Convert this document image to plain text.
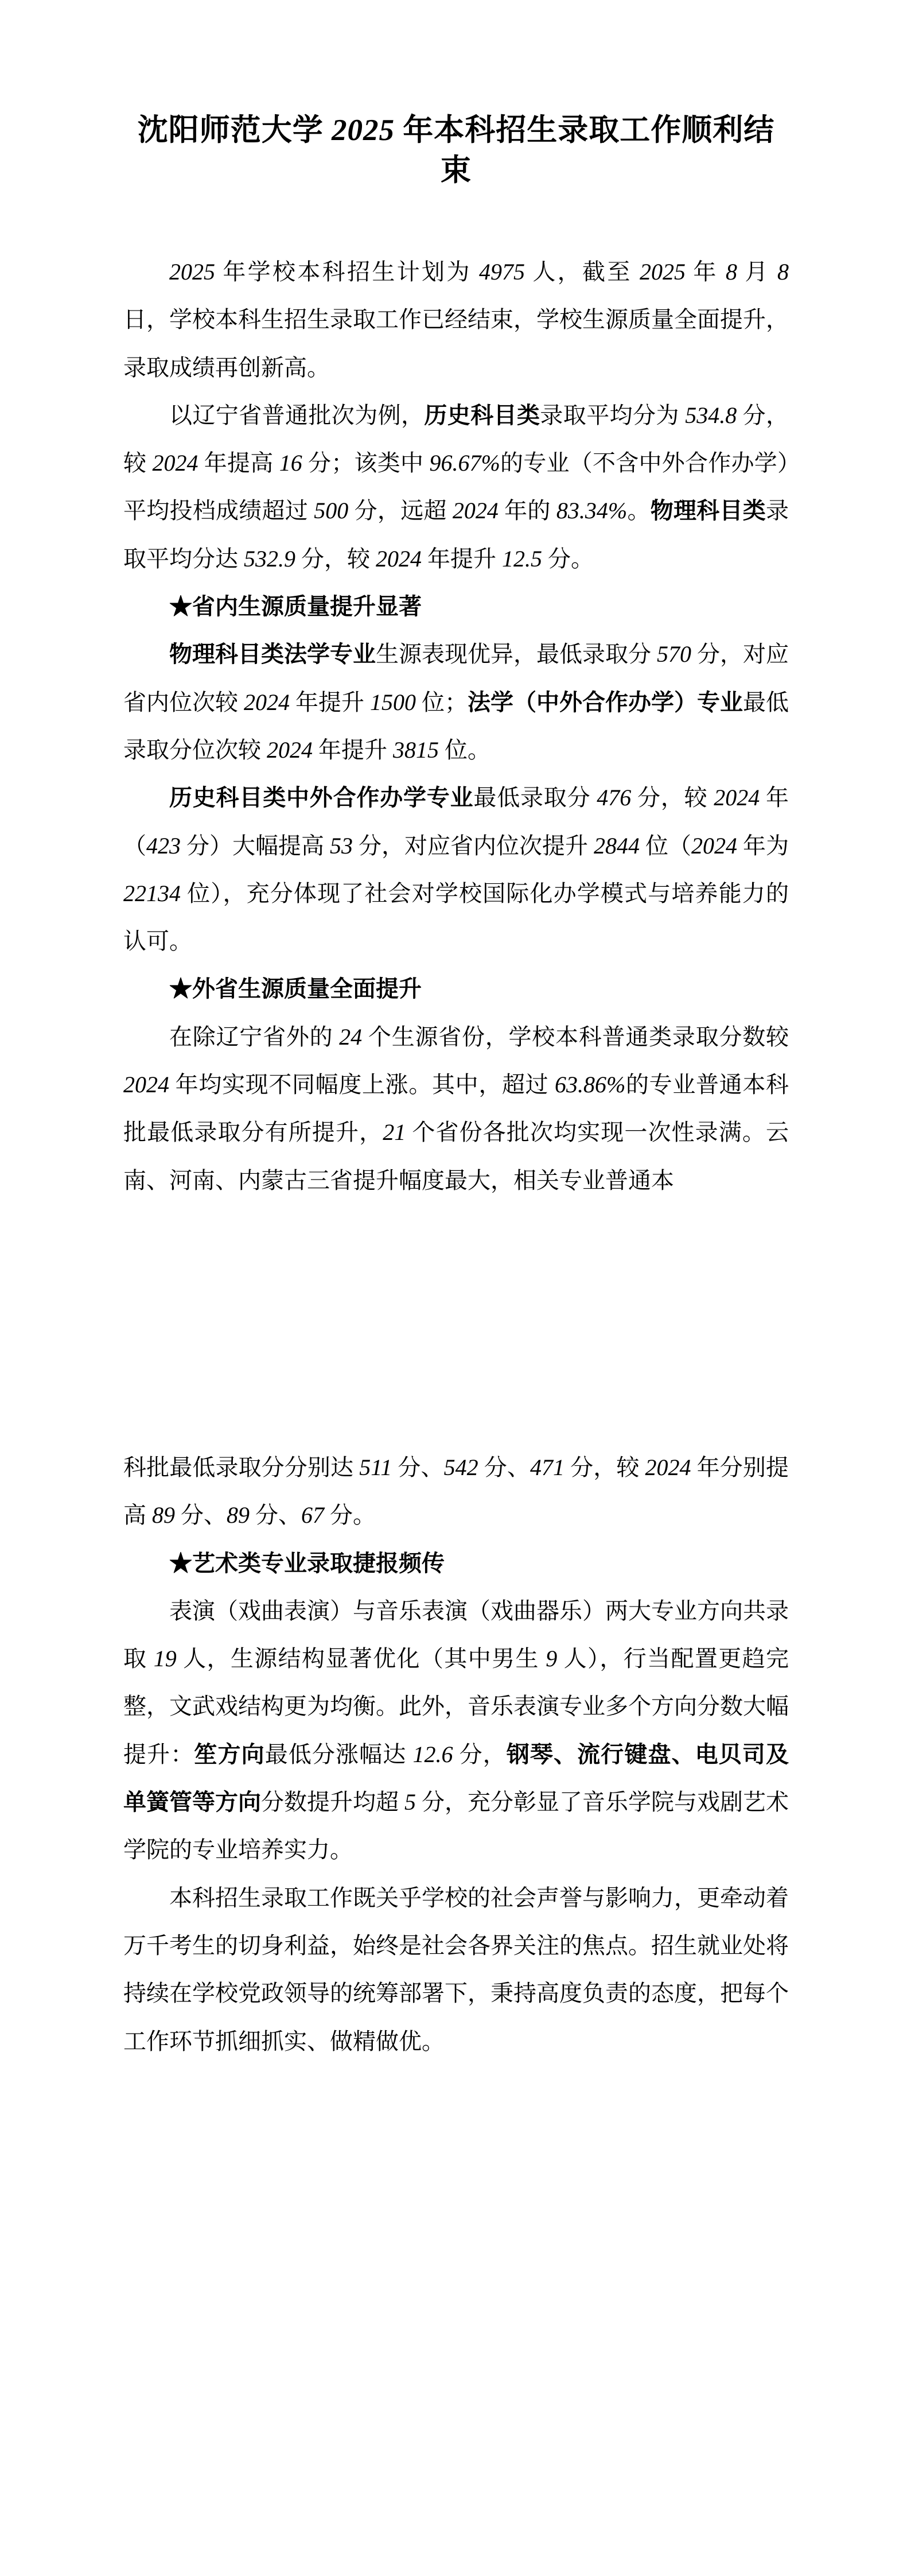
沈阳师范大学 2025 年本科招生录取工作顺利结束

2025 年学校本科招生计划为 4975 人，截至 2025 年 8 月 8 日，学校本科生招生录取工作已经结束，学校生源质量全面提升，录取成绩再创新高。

以辽宁省普通批次为例，历史科目类录取平均分为 534.8 分，较 2024 年提高 16 分；该类中 96.67%的专业（不含中外合作办学）平均投档成绩超过 500 分，远超 2024 年的 83.34%。物理科目类录取平均分达 532.9 分，较 2024 年提升 12.5 分。

★省内生源质量提升显著

物理科目类法学专业生源表现优异，最低录取分 570 分，对应省内位次较 2024 年提升 1500 位；法学（中外合作办学）专业最低录取分位次较 2024 年提升 3815 位。

历史科目类中外合作办学专业最低录取分 476 分，较 2024 年（423 分）大幅提高 53 分，对应省内位次提升 2844 位（2024 年为 22134 位），充分体现了社会对学校国际化办学模式与培养能力的认可。

★外省生源质量全面提升

在除辽宁省外的 24 个生源省份，学校本科普通类录取分数较 2024 年均实现不同幅度上涨。其中，超过 63.86%的专业普通本科批最低录取分有所提升，21 个省份各批次均实现一次性录满。云南、河南、内蒙古三省提升幅度最大，相关专业普通本

科批最低录取分分别达 511 分、542 分、471 分，较 2024 年分别提高 89 分、89 分、67 分。

★艺术类专业录取捷报频传

表演（戏曲表演）与音乐表演（戏曲器乐）两大专业方向共录取 19 人，生源结构显著优化（其中男生 9 人），行当配置更趋完整，文武戏结构更为均衡。此外，音乐表演专业多个方向分数大幅提升：笙方向最低分涨幅达 12.6 分，钢琴、流行键盘、电贝司及单簧管等方向分数提升均超 5 分，充分彰显了音乐学院与戏剧艺术学院的专业培养实力。

本科招生录取工作既关乎学校的社会声誉与影响力，更牵动着万千考生的切身利益，始终是社会各界关注的焦点。招生就业处将持续在学校党政领导的统筹部署下，秉持高度负责的态度，把每个工作环节抓细抓实、做精做优。
